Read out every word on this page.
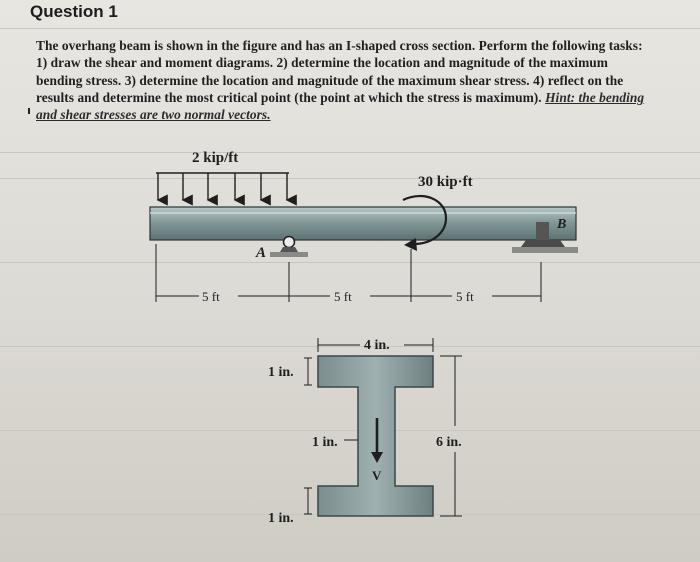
Question 1
The overhang beam is shown in the figure and has an I-shaped cross section. Perform the following tasks:
1) draw the shear and moment diagrams. 2) determine the location and magnitude of the maximum
bending stress. 3) determine the location and magnitude of the maximum shear stress. 4) reflect on the
results and determine the most critical point (the point at which the stress is maximum). Hint: the bending
and shear stresses are two normal vectors.
2 kip/ft
30 kip·ft
A
B
5 ft	5 ft	5 ft
4 in.
1 in.
1 in.	6 in.
1 in.
V
